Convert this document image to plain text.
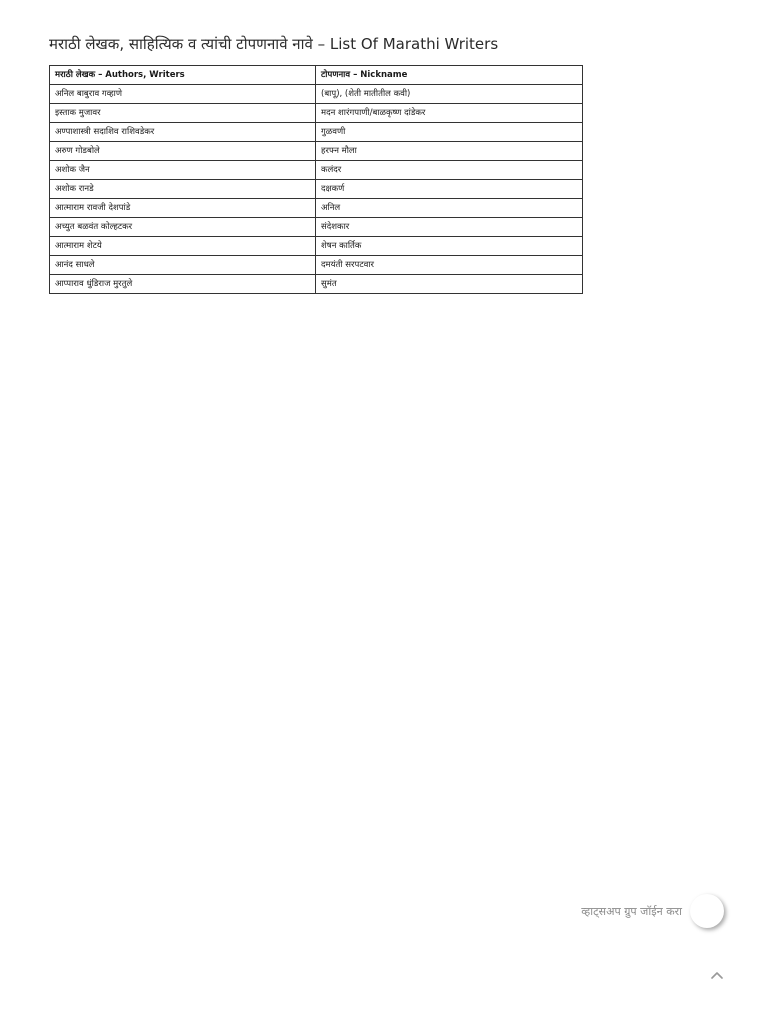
मराठी लेखक, साहित्यिक व त्यांची टोपणनावे नावे – List Of Marathi Writers
मराठी लेखक – Authors, Writers	टोपणनाव – Nickname
अनिल बाबुराव गव्हाणे	(बापू), (शेती मातीतील कवी)
इस्ताक मुजावर	मदन शारंगपाणी/बाळकृष्ण दांडेकर
अण्पाशास्त्री सदाशिव राशिवडेकर	गुळवणी
अरुण गोडबोले	हरफ्न मौला
अशोक जैन	कलंदर
अशोक रानडे	दक्षकर्ण
आत्माराम रावजी देशपांडे	अनिल
अच्युत बळवंत कोल्हटकर	संदेशकार
आत्माराम शेटये	शेषन कार्तिक
आनंद साधले	दमयंती सरपटवार
आप्पाराव धुंडिराज मुरतुले	सुमंत
व्हाट्सअप ग्रुप जॉईन करा
